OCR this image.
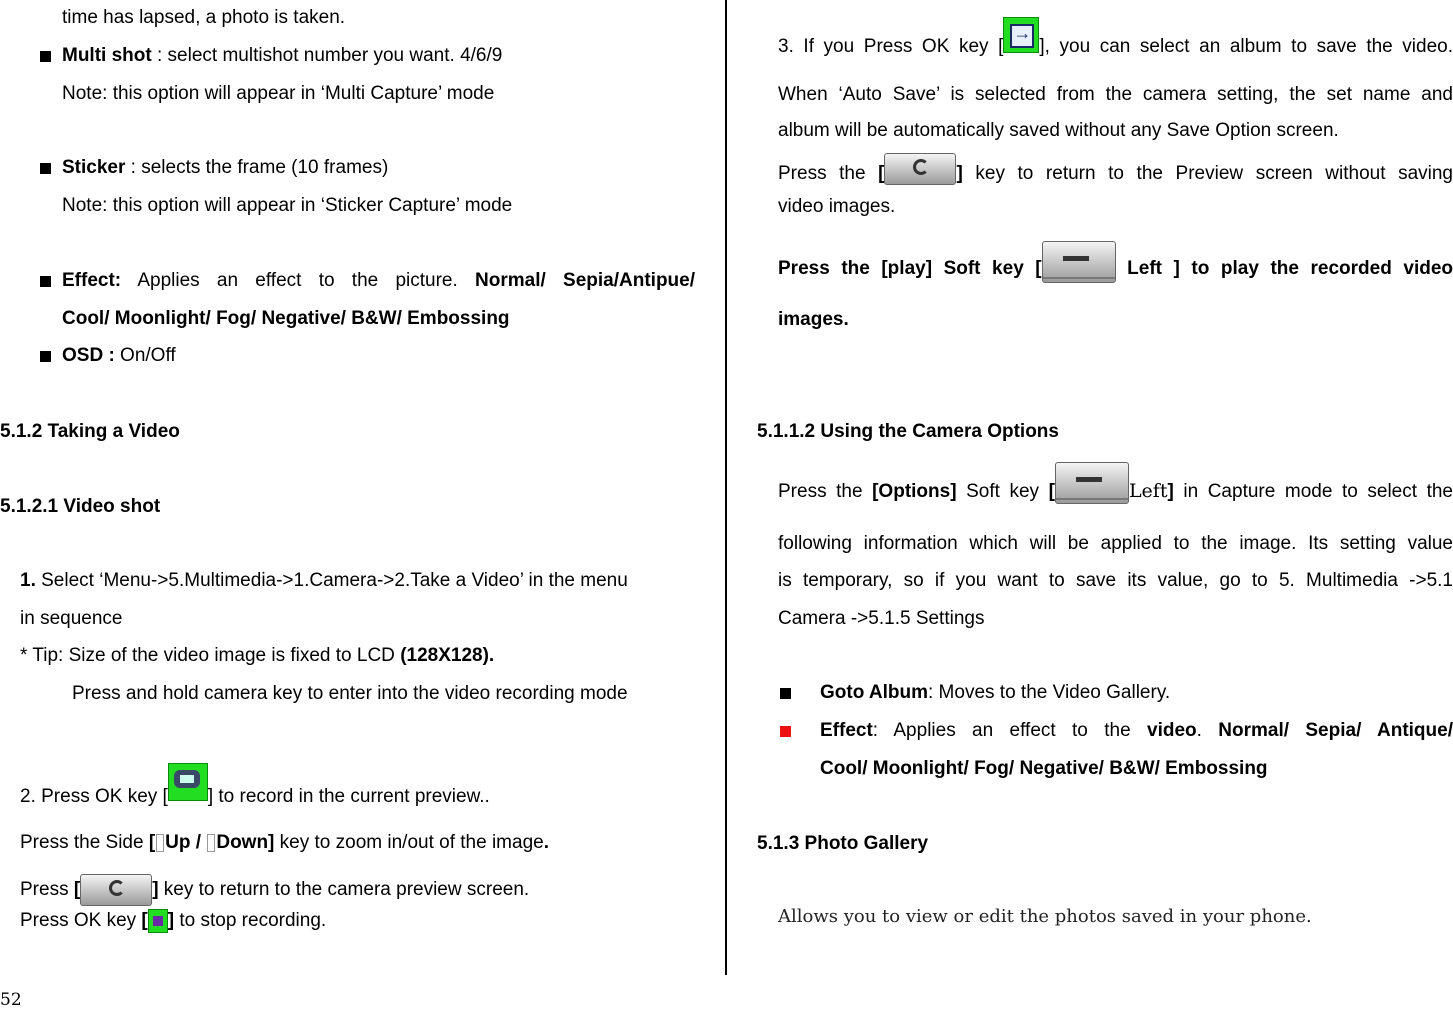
time has lapsed, a photo is taken.
Multi shot : select multishot number you want. 4/6/9
Note: this option will appear in ‘Multi Capture’ mode
Sticker : selects the frame (10 frames)
Note: this option will appear in ‘Sticker Capture’ mode
Effect: Applies an effect to the picture. Normal/ Sepia/Antipue/
Cool/ Moonlight/ Fog/ Negative/ B&W/ Embossing
OSD : On/Off
5.1.2 Taking a Video
5.1.2.1 Video shot
1. Select ‘Menu->5.Multimedia->1.Camera->2.Take a Video’ in the menu
in sequence
* Tip: Size of the video image is fixed to LCD (128X128).
Press and hold camera key to enter into the video recording mode
2. Press OK key [ ] to record in the current preview..
Press the Side [ Up / Down] key to zoom in/out of the image.
Press [	] key to return to the camera preview screen.
Press OK key [ ] to stop recording.
52
3. If you Press OK key [→ ], you can select an album to save the video.
When ‘Auto Save’ is selected from the camera setting, the set name and
album will be automatically saved without any Save Option screen.
Press the [	] key to return to the Preview screen without saving
video images.
Press the [play] Soft key [	Left ] to play the recorded video
images.
5.1.1.2 Using the Camera Options
Press the [Options] Soft key [	Left] in Capture mode to select the
following information which will be applied to the image. Its setting value
is temporary, so if you want to save its value, go to 5. Multimedia ->5.1
Camera ->5.1.5 Settings
Goto Album: Moves to the Video Gallery.
Effect: Applies an effect to the video. Normal/ Sepia/ Antique/
Cool/ Moonlight/ Fog/ Negative/ B&W/ Embossing
5.1.3 Photo Gallery
Allows you to view or edit the photos saved in your phone.
